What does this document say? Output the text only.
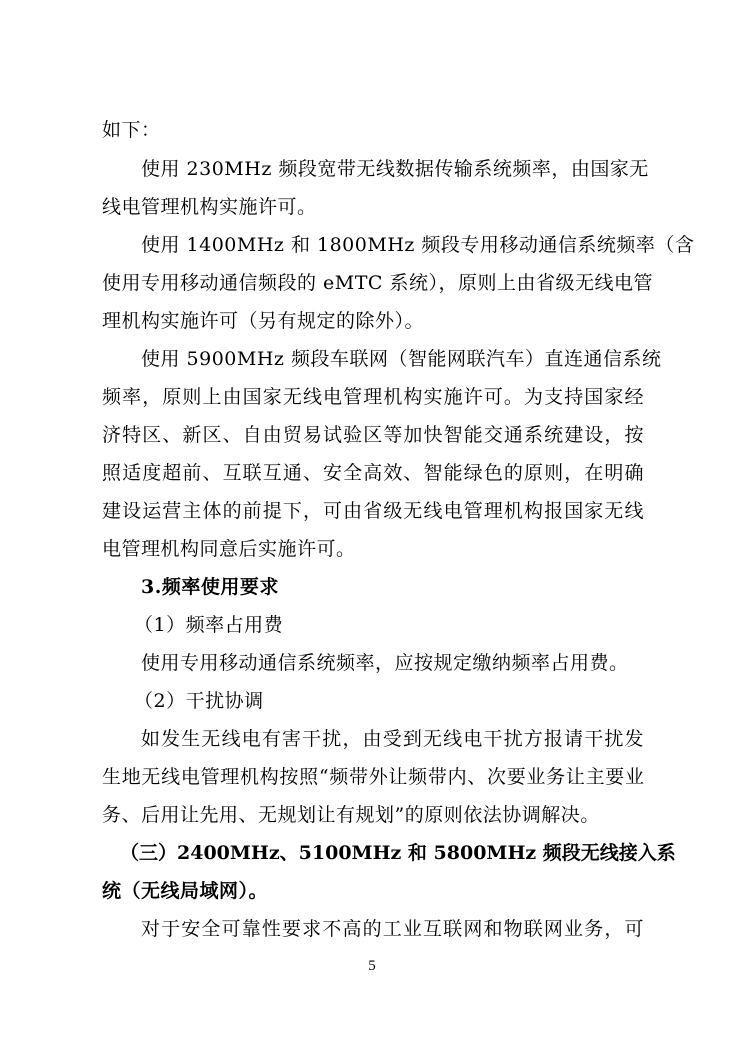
如下：
使用 230MHz 频段宽带无线数据传输系统频率，由国家无
线电管理机构实施许可。
使用 1400MHz 和 1800MHz 频段专用移动通信系统频率（含
使用专用移动通信频段的 eMTC 系统），原则上由省级无线电管
理机构实施许可（另有规定的除外）。
使用 5900MHz 频段车联网（智能网联汽车）直连通信系统
频率，原则上由国家无线电管理机构实施许可。为支持国家经
济特区、新区、自由贸易试验区等加快智能交通系统建设，按
照适度超前、互联互通、安全高效、智能绿色的原则，在明确
建设运营主体的前提下，可由省级无线电管理机构报国家无线
电管理机构同意后实施许可。
3.频率使用要求
（1）频率占用费
使用专用移动通信系统频率，应按规定缴纳频率占用费。
（2）干扰协调
如发生无线电有害干扰，由受到无线电干扰方报请干扰发
生地无线电管理机构按照“频带外让频带内、次要业务让主要业
务、后用让先用、无规划让有规划”的原则依法协调解决。
（三）2400MHz、5100MHz 和 5800MHz 频段无线接入系
统（无线局域网）。
对于安全可靠性要求不高的工业互联网和物联网业务，可
5
